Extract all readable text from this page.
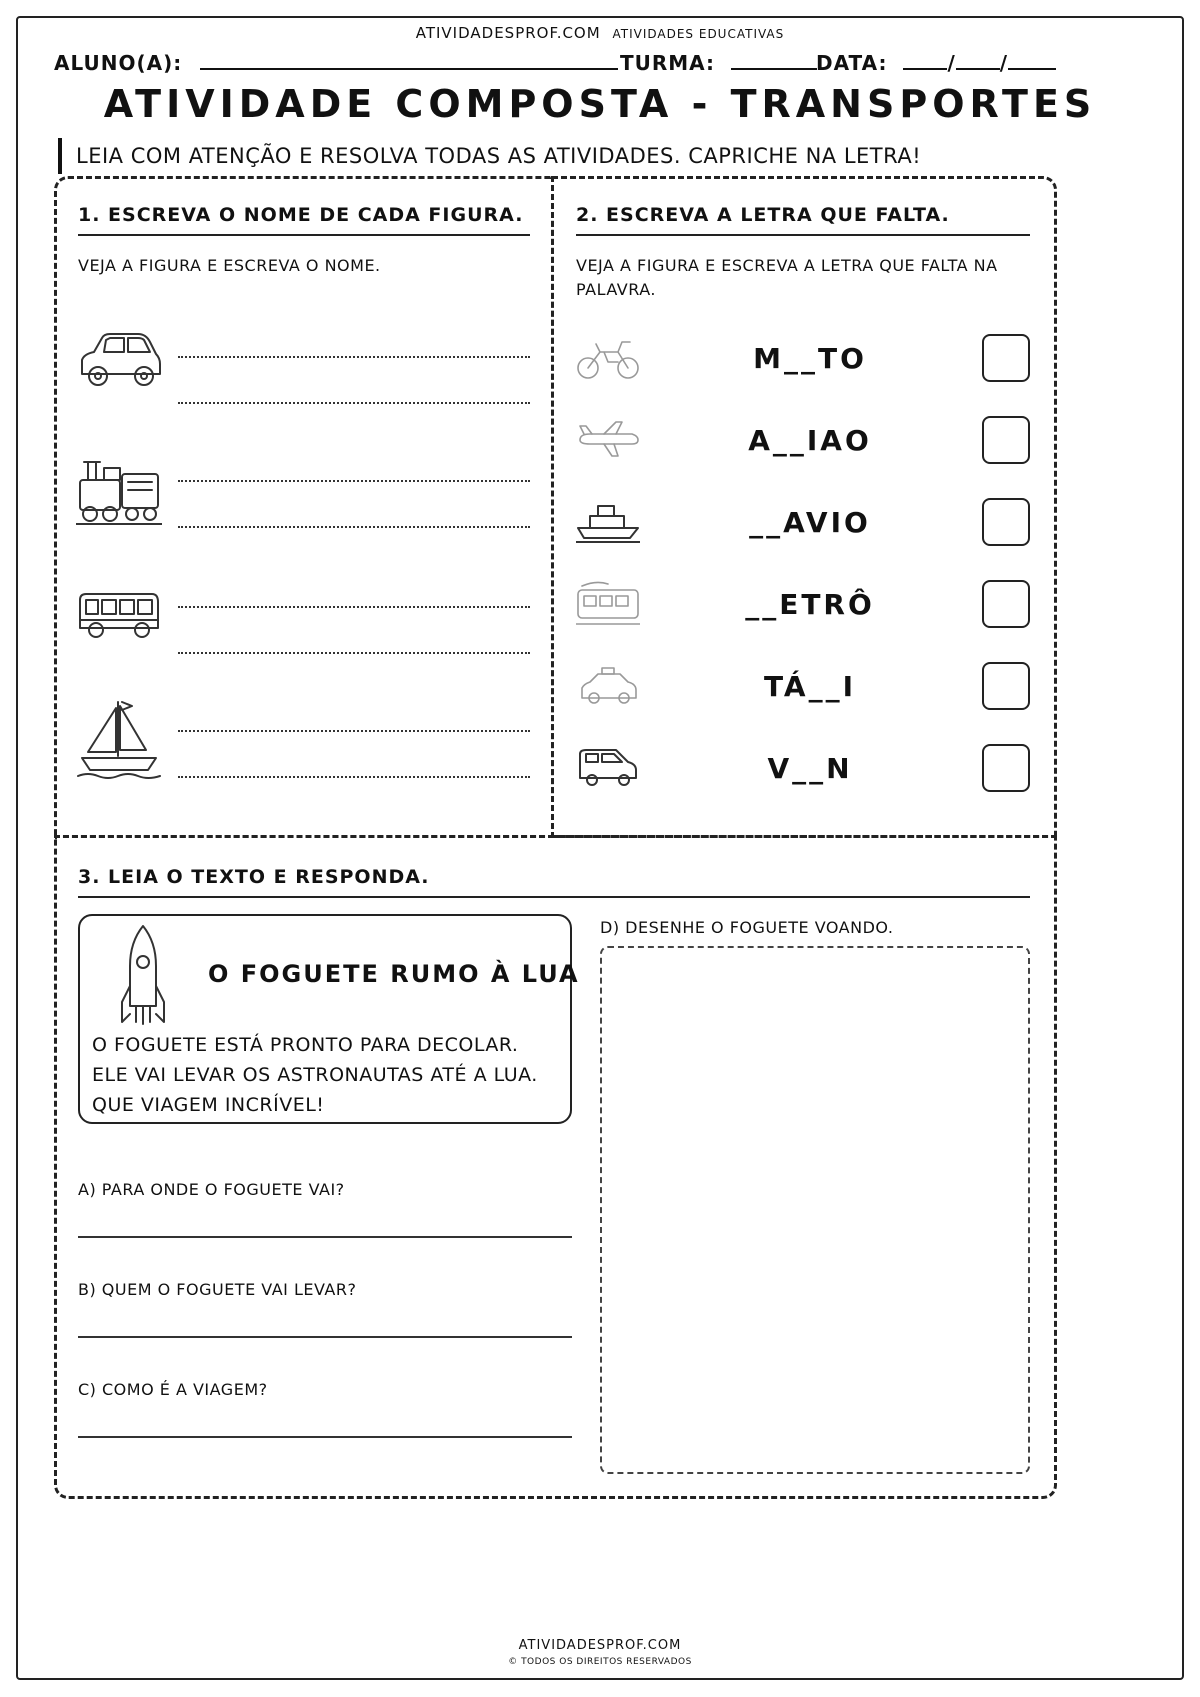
ATIVIDADESPROF.COM ATIVIDADES EDUCATIVAS
ALUNO(A):	TURMA:	DATA:	/ /
ATIVIDADE COMPOSTA - TRANSPORTES
LEIA COM ATENÇÃO E RESOLVA TODAS AS ATIVIDADES. CAPRICHE NA LETRA!
1. ESCREVA O NOME DE CADA FIGURA.
VEJA A FIGURA E ESCREVA O NOME.
2. ESCREVA A LETRA QUE FALTA.
VEJA A FIGURA E ESCREVA A LETRA QUE FALTA NA PALAVRA.
M__TO
A__IAO
__AVIO
__ETRÔ
TÁ__I
V__N
3. LEIA O TEXTO E RESPONDA.
O FOGUETE RUMO À LUA
O FOGUETE ESTÁ PRONTO PARA DECOLAR. ELE VAI LEVAR OS ASTRONAUTAS ATÉ A LUA. QUE VIAGEM INCRÍVEL!
A) PARA ONDE O FOGUETE VAI?
B) QUEM O FOGUETE VAI LEVAR?
C) COMO É A VIAGEM?
D) DESENHE O FOGUETE VOANDO.
ATIVIDADESPROF.COM
© TODOS OS DIREITOS RESERVADOS
